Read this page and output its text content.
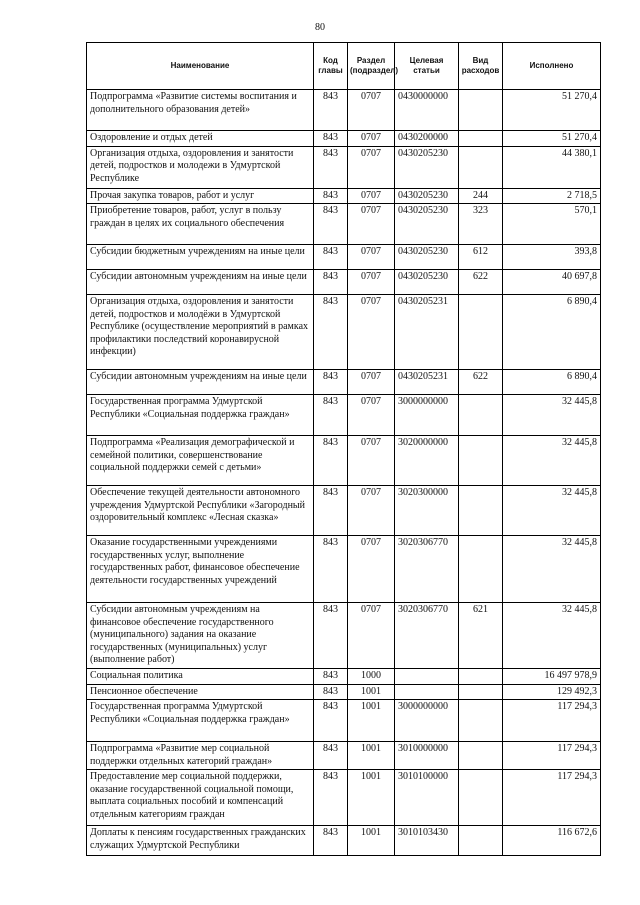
80
Наименование	Код главы	Раздел (подраздел)	Целевая статьи	Вид расходов	Исполнено
Подпрограмма «Развитие системы воспитания и дополнительного образования детей»	843	0707	0430000000		51 270,4
Оздоровление и отдых детей	843	0707	0430200000		51 270,4
Организация отдыха, оздоровления и занятости детей, подростков и молодежи в Удмуртской Республике	843	0707	0430205230		44 380,1
Прочая закупка товаров, работ и услуг	843	0707	0430205230	244	2 718,5
Приобретение товаров, работ, услуг в пользу граждан в целях их социального обеспечения	843	0707	0430205230	323	570,1
Субсидии бюджетным учреждениям на иные цели	843	0707	0430205230	612	393,8
Субсидии автономным учреждениям на иные цели	843	0707	0430205230	622	40 697,8
Организация отдыха, оздоровления и занятости детей, подростков и молодёжи в Удмуртской Республике (осуществление мероприятий в рамках профилактики последствий коронавирусной инфекции)	843	0707	0430205231		6 890,4
Субсидии автономным учреждениям на иные цели	843	0707	0430205231	622	6 890,4
Государственная программа Удмуртской Республики «Социальная поддержка граждан»	843	0707	3000000000		32 445,8
Подпрограмма «Реализация демографической и семейной политики, совершенствование социальной поддержки семей с детьми»	843	0707	3020000000		32 445,8
Обеспечение текущей деятельности автономного учреждения Удмуртской Республики «Загородный оздоровительный комплекс «Лесная сказка»	843	0707	3020300000		32 445,8
Оказание государственными учреждениями государственных услуг, выполнение государственных работ, финансовое обеспечение деятельности государственных учреждений	843	0707	3020306770		32 445,8
Субсидии автономным учреждениям на финансовое обеспечение государственного (муниципального) задания на оказание государственных (муниципальных) услуг (выполнение работ)	843	0707	3020306770	621	32 445,8
Социальная политика	843	1000			16 497 978,9
Пенсионное обеспечение	843	1001			129 492,3
Государственная программа Удмуртской Республики «Социальная поддержка граждан»	843	1001	3000000000		117 294,3
Подпрограмма «Развитие мер социальной поддержки отдельных категорий граждан»	843	1001	3010000000		117 294,3
Предоставление мер социальной поддержки, оказание государственной социальной помощи, выплата социальных пособий и компенсаций отдельным категориям граждан	843	1001	3010100000		117 294,3
Доплаты к пенсиям государственных гражданских служащих Удмуртской Республики	843	1001	3010103430		116 672,6
